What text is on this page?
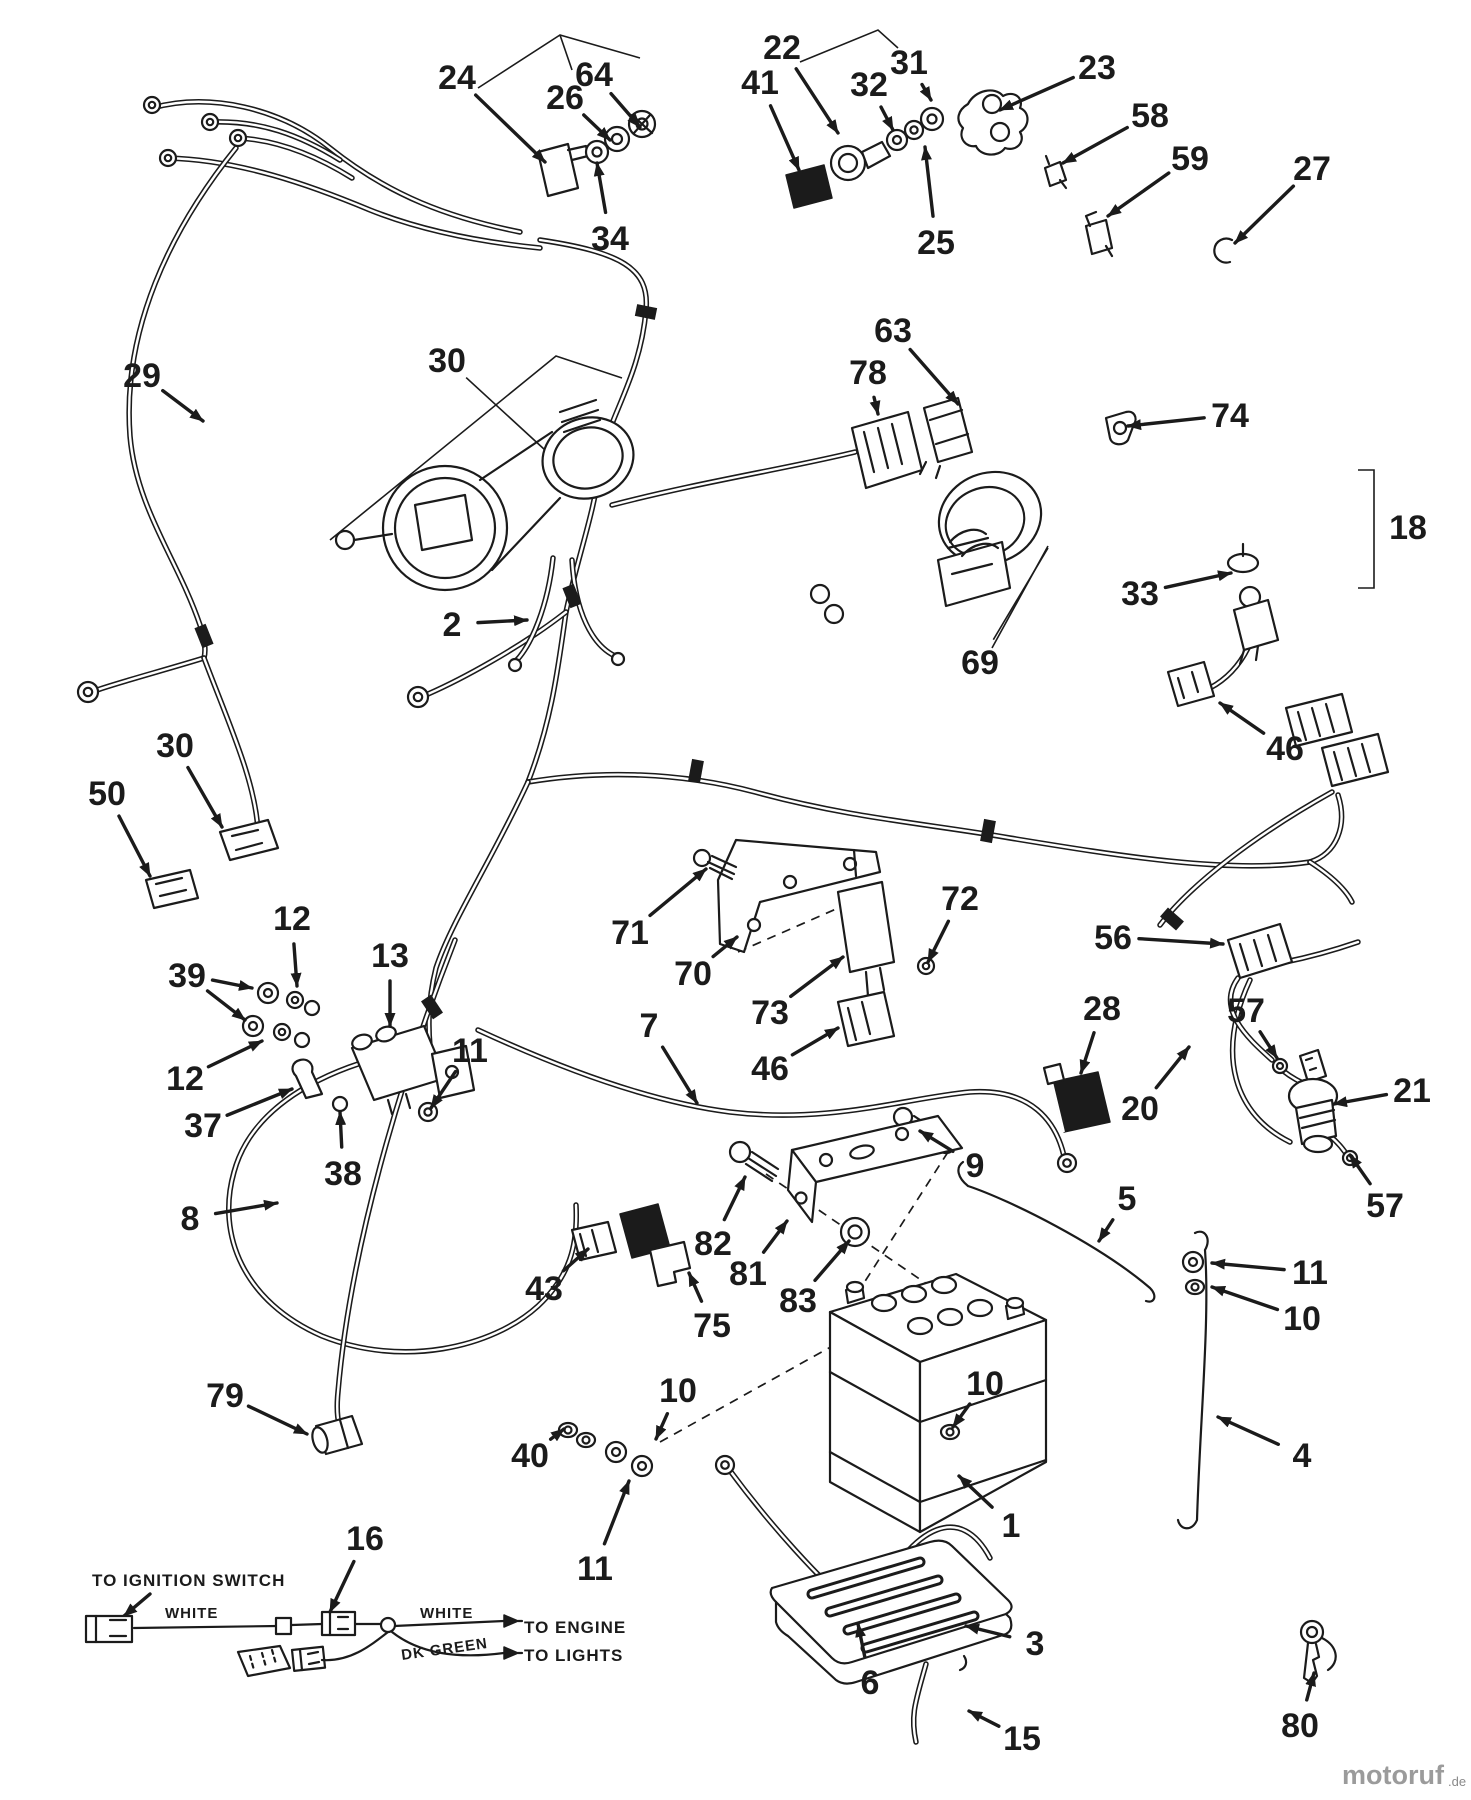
TO IGNITION SWITCH
WHITE	WHITE
DK GREEN
TO ENGINE
TO LIGHTS
24	64
26
34
22
41 32
31
25
23
58
59 27
29	30
63
78
74
33
18
69
46
2
30
50
12
39
12
13
37
38
11
8
71
70
73
72
46
7
56
57
28
20	21
57
5
82
81
83
9
10
11
10
4
1
3
15
6
40
10
11
79
16
43
75
80
motoruf .de
